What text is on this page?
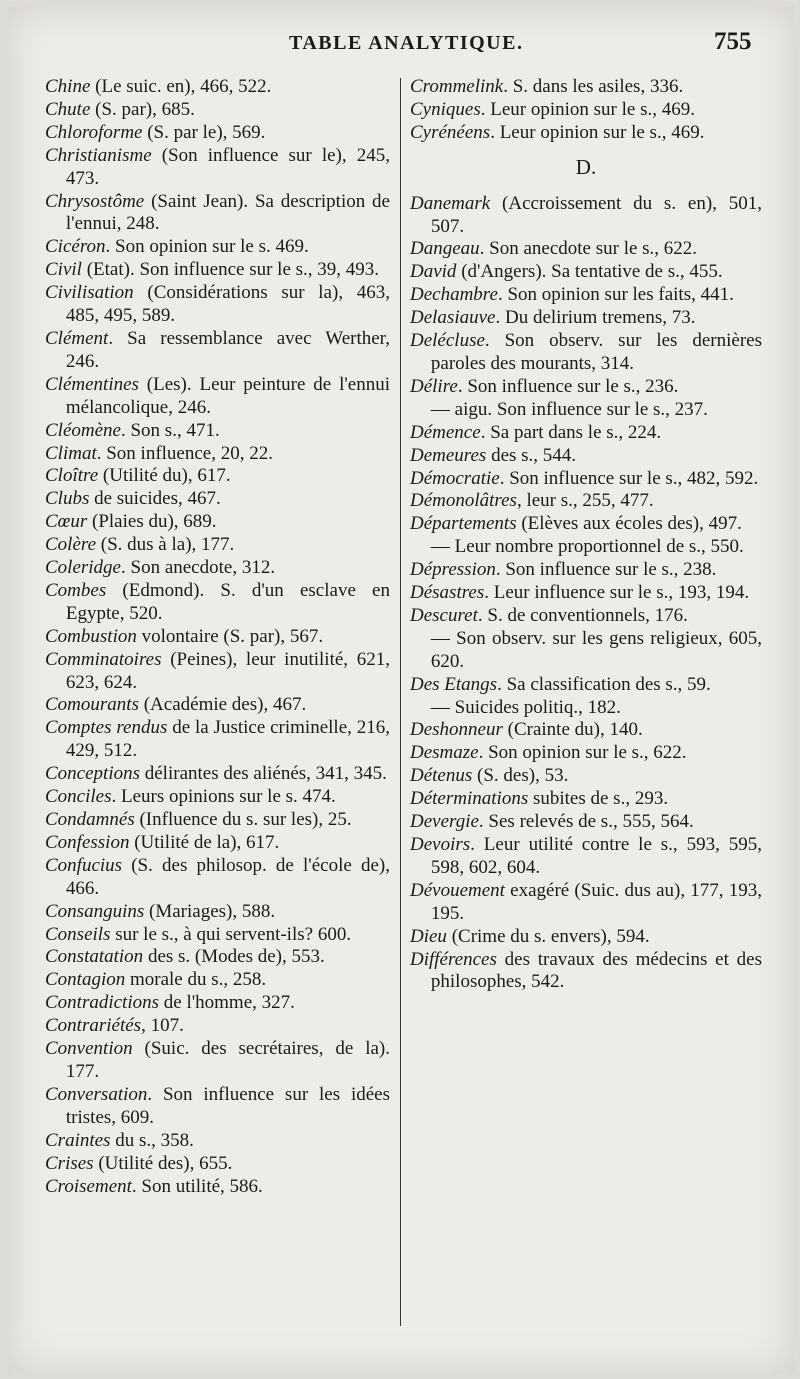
TABLE ANALYTIQUE.	755

Chine (Le suic. en), 466, 522.

Chute (S. par), 685.

Chloroforme (S. par le), 569.

Christianisme (Son influence sur le), 245, 473.

Chrysostôme (Saint Jean). Sa description de l'ennui, 248.

Cicéron. Son opinion sur le s. 469.

Civil (Etat). Son influence sur le s., 39, 493.

Civilisation (Considérations sur la), 463, 485, 495, 589.

Clément. Sa ressemblance avec Werther, 246.

Clémentines (Les). Leur peinture de l'ennui mélancolique, 246.

Cléomène. Son s., 471.

Climat. Son influence, 20, 22.

Cloître (Utilité du), 617.

Clubs de suicides, 467.

Cœur (Plaies du), 689.

Colère (S. dus à la), 177.

Coleridge. Son anecdote, 312.

Combes (Edmond). S. d'un esclave en Egypte, 520.

Combustion volontaire (S. par), 567.

Comminatoires (Peines), leur inutilité, 621, 623, 624.

Comourants (Académie des), 467.

Comptes rendus de la Justice criminelle, 216, 429, 512.

Conceptions délirantes des aliénés, 341, 345.

Conciles. Leurs opinions sur le s. 474.

Condamnés (Influence du s. sur les), 25.

Confession (Utilité de la), 617.

Confucius (S. des philosop. de l'école de), 466.

Consanguins (Mariages), 588.

Conseils sur le s., à qui servent-ils? 600.

Constatation des s. (Modes de), 553.

Contagion morale du s., 258.

Contradictions de l'homme, 327.

Contrariétés, 107.

Convention (Suic. des secrétaires, de la). 177.

Conversation. Son influence sur les idées tristes, 609.

Craintes du s., 358.

Crises (Utilité des), 655.

Croisement. Son utilité, 586.

Crommelink. S. dans les asiles, 336.

Cyniques. Leur opinion sur le s., 469.

Cyrénéens. Leur opinion sur le s., 469.

D.

Danemark (Accroissement du s. en), 501, 507.

Dangeau. Son anecdote sur le s., 622.

David (d'Angers). Sa tentative de s., 455.

Dechambre. Son opinion sur les faits, 441.

Delasiauve. Du delirium tremens, 73.

Delécluse. Son observ. sur les dernières paroles des mourants, 314.

Délire. Son influence sur le s., 236.

— aigu. Son influence sur le s., 237.

Démence. Sa part dans le s., 224.

Demeures des s., 544.

Démocratie. Son influence sur le s., 482, 592.

Démonolâtres, leur s., 255, 477.

Départements (Elèves aux écoles des), 497.

— Leur nombre proportionnel de s., 550.

Dépression. Son influence sur le s., 238.

Désastres. Leur influence sur le s., 193, 194.

Descuret. S. de conventionnels, 176.

— Son observ. sur les gens religieux, 605, 620.

Des Etangs. Sa classification des s., 59.

— Suicides politiq., 182.

Deshonneur (Crainte du), 140.

Desmaze. Son opinion sur le s., 622.

Détenus (S. des), 53.

Déterminations subites de s., 293.

Devergie. Ses relevés de s., 555, 564.

Devoirs. Leur utilité contre le s., 593, 595, 598, 602, 604.

Dévouement exagéré (Suic. dus au), 177, 193, 195.

Dieu (Crime du s. envers), 594.

Différences des travaux des médecins et des philosophes, 542.
